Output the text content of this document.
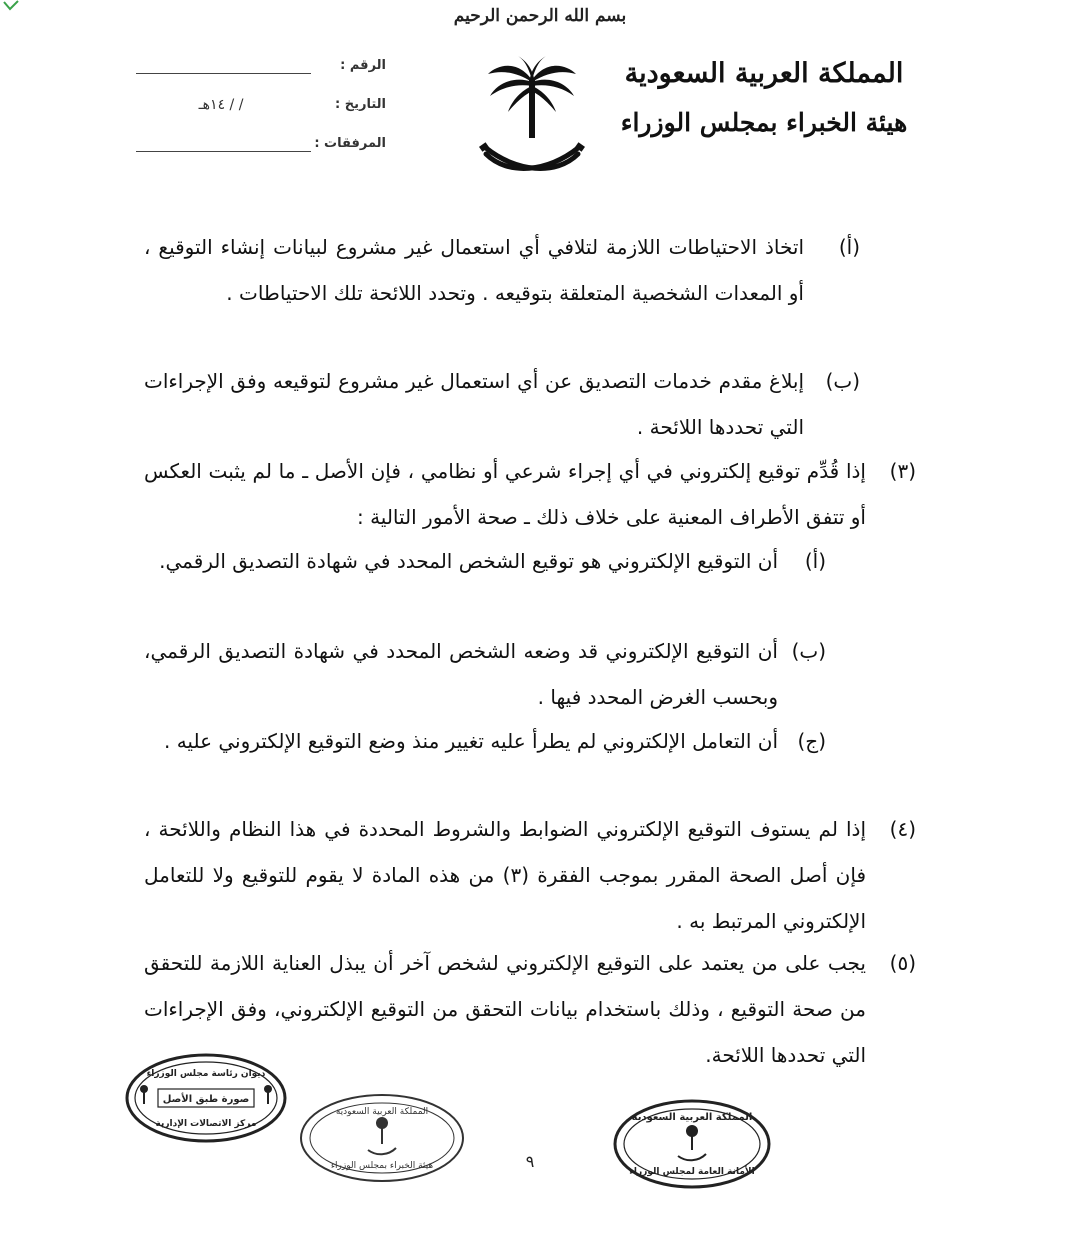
بسم الله الرحمن الرحيم
المملكة العربية السعودية
هيئة الخبراء بمجلس الوزراء
الرقم :
التاريخ :
/ / ١٤هـ
المرفقات :
(أ)
اتخاذ الاحتياطات اللازمة لتلافي أي استعمال غير مشروع لبيانات إنشاء التوقيع ، أو المعدات الشخصية المتعلقة بتوقيعه . وتحدد اللائحة تلك الاحتياطات .
(ب)
إبلاغ مقدم خدمات التصديق عن أي استعمال غير مشروع لتوقيعه وفق الإجراءات التي تحددها اللائحة .
(٣)
إذا قُدِّم توقيع إلكتروني في أي إجراء شرعي أو نظامي ، فإن الأصل ـ ما لم يثبت العكس أو تتفق الأطراف المعنية على خلاف ذلك ـ صحة الأمور التالية :
(أ)
أن التوقيع الإلكتروني هو توقيع الشخص المحدد في شهادة التصديق الرقمي.
(ب)
أن التوقيع الإلكتروني قد وضعه الشخص المحدد في شهادة التصديق الرقمي، وبحسب الغرض المحدد فيها .
(ج)
أن التعامل الإلكتروني لم يطرأ عليه تغيير منذ وضع التوقيع الإلكتروني عليه .
(٤)
إذا لم يستوف التوقيع الإلكتروني الضوابط والشروط المحددة في هذا النظام واللائحة ، فإن أصل الصحة المقرر بموجب الفقرة (٣) من هذه المادة لا يقوم للتوقيع ولا للتعامل الإلكتروني المرتبط به .
(٥)
يجب على من يعتمد على التوقيع الإلكتروني لشخص آخر أن يبذل العناية اللازمة للتحقق من صحة التوقيع ، وذلك باستخدام بيانات التحقق من التوقيع الإلكتروني، وفق الإجراءات التي تحددها اللائحة.
ديوان رئاسة مجلس الوزراء
صورة طبق الأصل
مركز الاتصالات الإدارية
المملكة العربية السعودية
هيئة الخبراء بمجلس الوزراء
المملكة العربية السعودية
الأمانة العامة لمجلس الوزراء
٩
